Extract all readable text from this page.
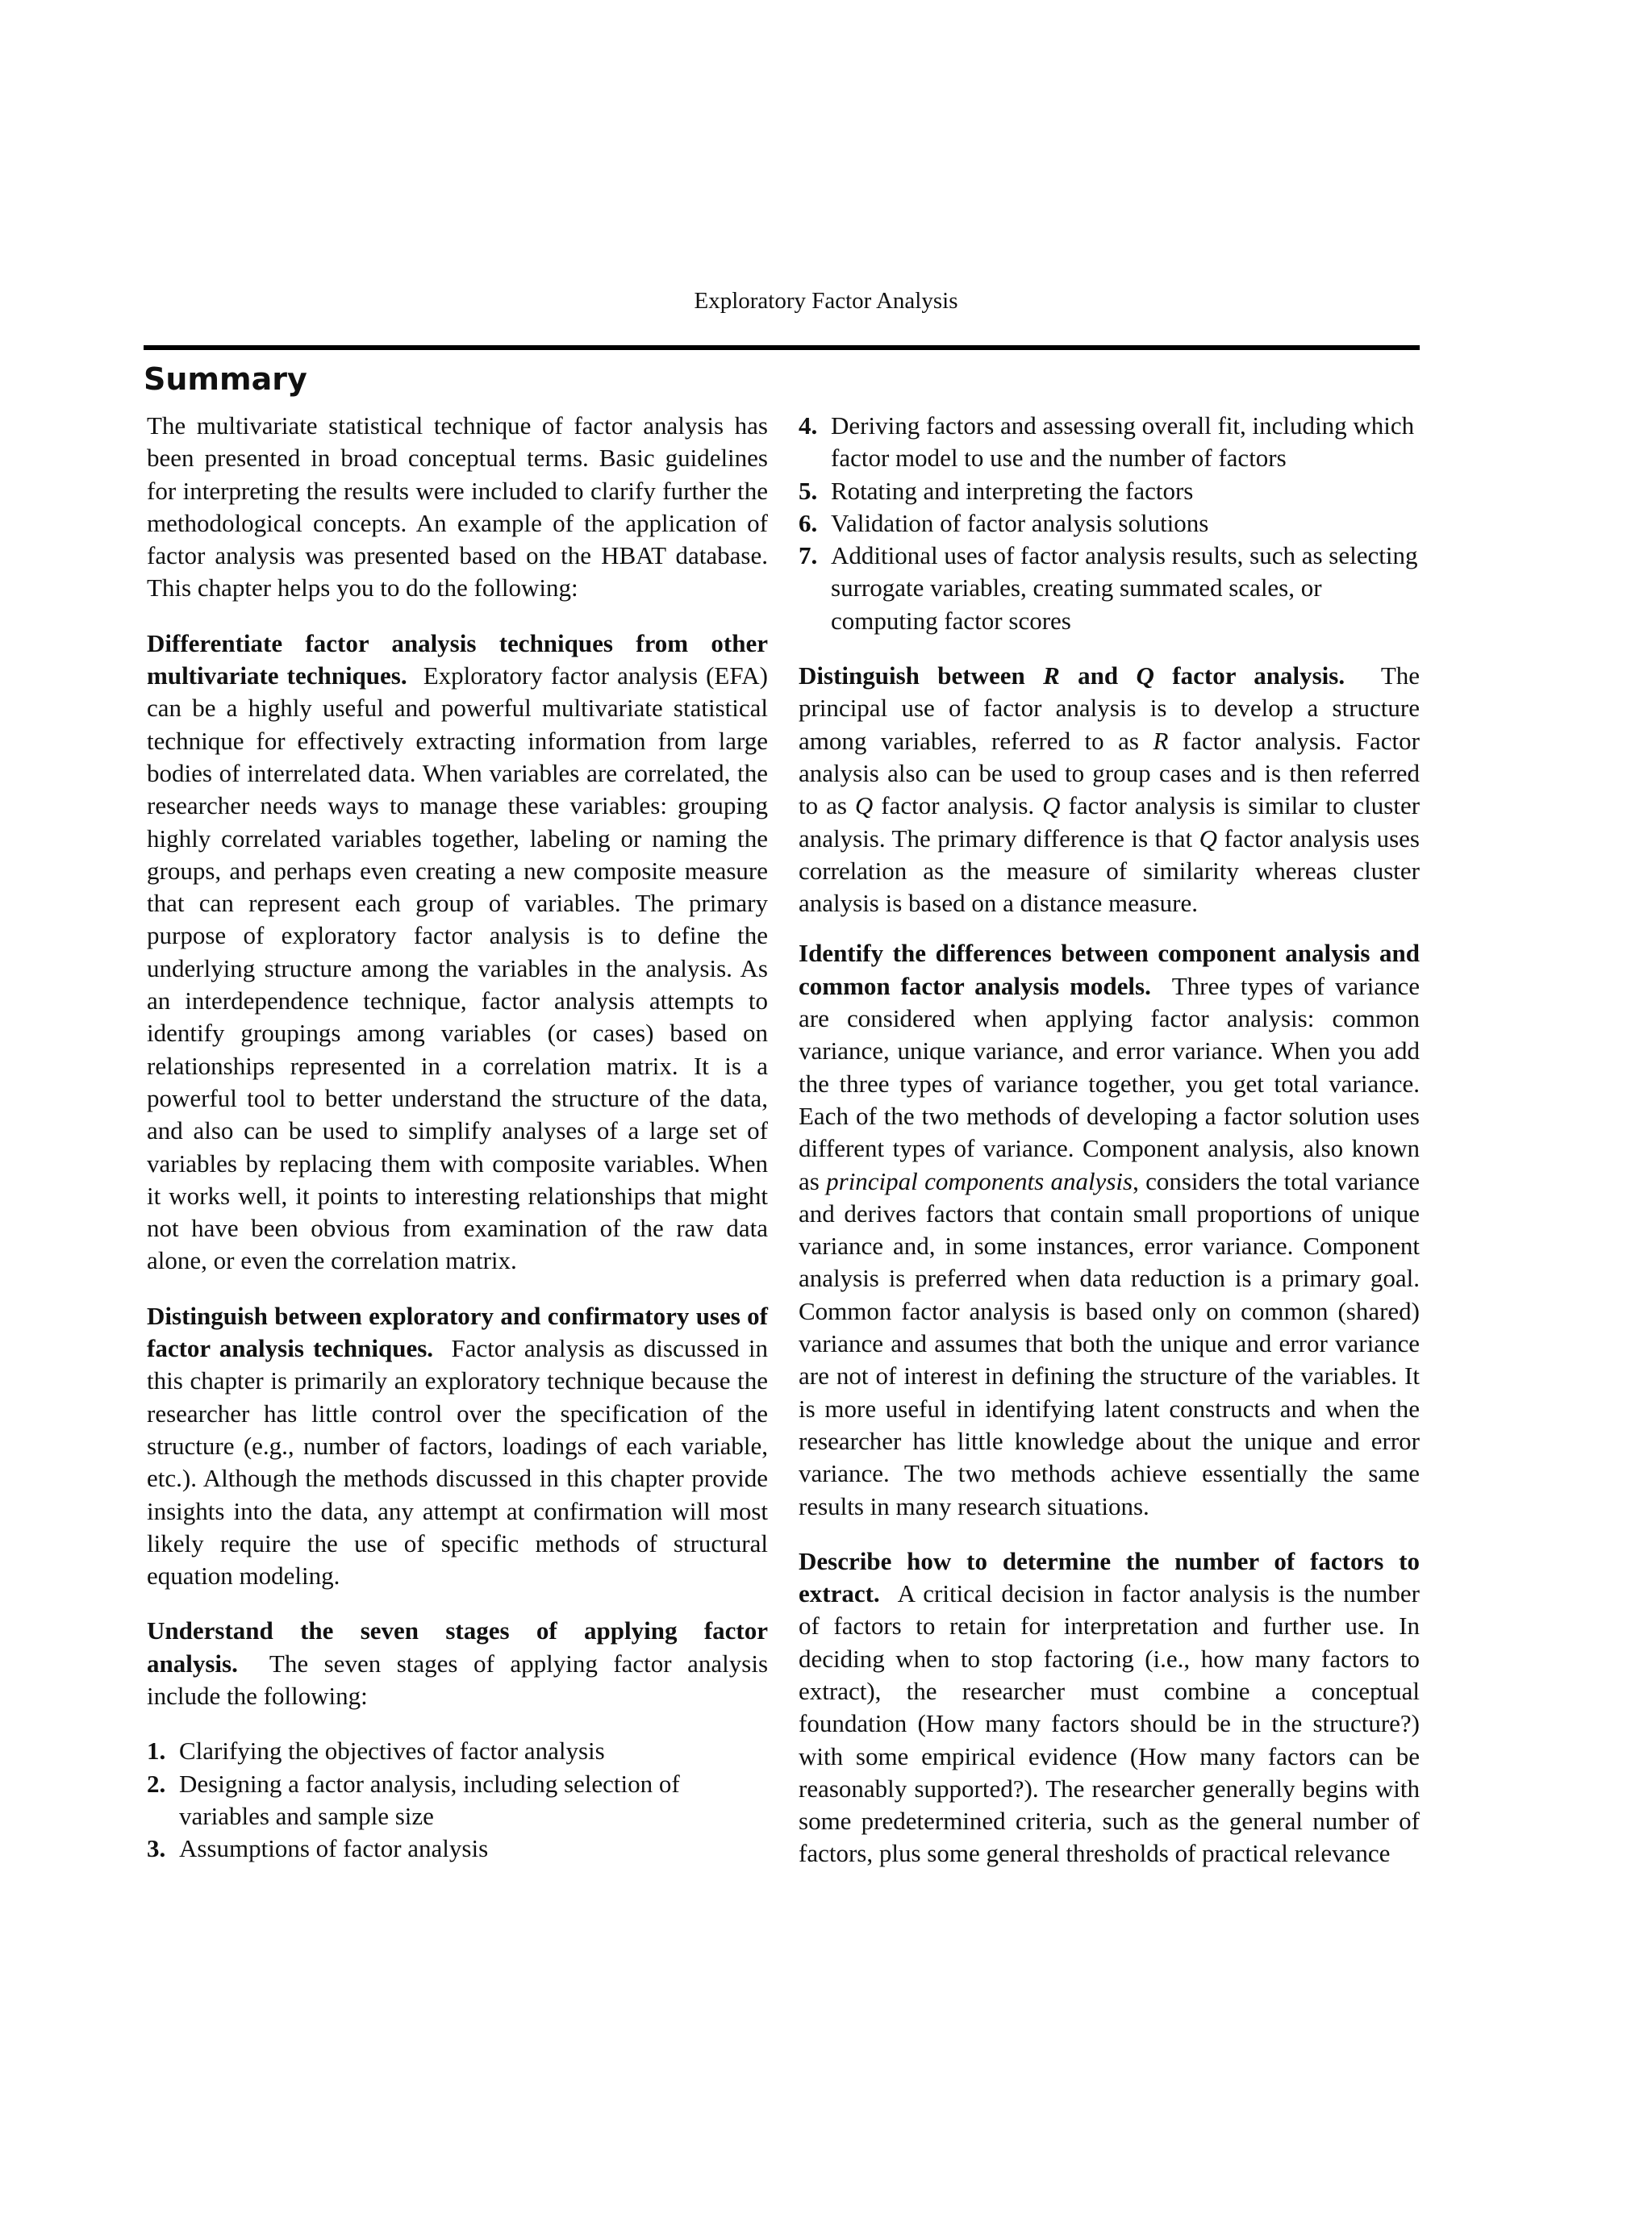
Exploratory Factor Analysis
Summary

The multivariate statistical technique of factor analysis has been presented in broad conceptual terms. Basic guidelines for interpreting the results were included to clarify further the methodological concepts. An example of the application of factor analysis was presented based on the HBAT database. This chapter helps you to do the following:

Differentiate factor analysis techniques from other multivariate techniques. Exploratory factor analysis (EFA) can be a highly useful and powerful multivariate statistical technique for effectively extracting information from large bodies of interrelated data. When variables are correlated, the researcher needs ways to manage these variables: grouping highly correlated variables together, labeling or naming the groups, and perhaps even creating a new composite measure that can represent each group of variables. The primary purpose of exploratory factor analysis is to define the underlying structure among the variables in the analysis. As an interdependence technique, factor analysis attempts to identify groupings among variables (or cases) based on relationships represented in a correlation matrix. It is a powerful tool to better understand the structure of the data, and also can be used to simplify analyses of a large set of variables by replacing them with composite variables. When it works well, it points to interesting relationships that might not have been obvious from examination of the raw data alone, or even the correlation matrix.

Distinguish between exploratory and confirmatory uses of factor analysis techniques. Factor analysis as discussed in this chapter is primarily an exploratory technique because the researcher has little control over the specification of the structure (e.g., number of factors, loadings of each variable, etc.). Although the methods discussed in this chapter provide insights into the data, any attempt at confirmation will most likely require the use of specific methods of structural equation modeling.

Understand the seven stages of applying factor analysis. The seven stages of applying factor analysis include the following:

1. Clarifying the objectives of factor analysis
2. Designing a factor analysis, including selection of variables and sample size
3. Assumptions of factor analysis
4. Deriving factors and assessing overall fit, including which factor model to use and the number of factors
5. Rotating and interpreting the factors
6. Validation of factor analysis solutions
7. Additional uses of factor analysis results, such as selecting surrogate variables, creating summated scales, or computing factor scores

Distinguish between R and Q factor analysis. The principal use of factor analysis is to develop a structure among variables, referred to as R factor analysis. Factor analysis also can be used to group cases and is then referred to as Q factor analysis. Q factor analysis is similar to cluster analysis. The primary difference is that Q factor analysis uses correlation as the measure of similarity whereas cluster analysis is based on a distance measure.

Identify the differences between component analysis and common factor analysis models. Three types of variance are considered when applying factor analysis: common variance, unique variance, and error variance. When you add the three types of variance together, you get total variance. Each of the two methods of developing a factor solution uses different types of variance. Component analysis, also known as principal components analysis, considers the total variance and derives factors that contain small proportions of unique variance and, in some instances, error variance. Component analysis is preferred when data reduction is a primary goal. Common factor analysis is based only on common (shared) variance and assumes that both the unique and error variance are not of interest in defining the structure of the variables. It is more useful in identifying latent constructs and when the researcher has little knowledge about the unique and error variance. The two methods achieve essentially the same results in many research situations.

Describe how to determine the number of factors to extract. A critical decision in factor analysis is the number of factors to retain for interpretation and further use. In deciding when to stop factoring (i.e., how many factors to extract), the researcher must combine a conceptual foundation (How many factors should be in the structure?) with some empirical evidence (How many factors can be reasonably supported?). The researcher generally begins with some predetermined criteria, such as the general number of factors, plus some general thresholds of practical relevance
